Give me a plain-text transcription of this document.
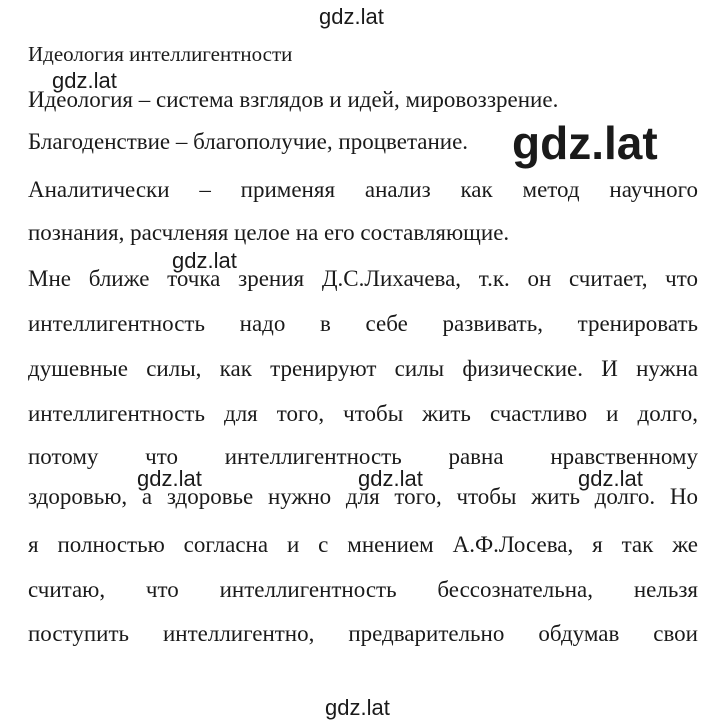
gdz.lat
gdz.lat
Идеология интеллигентности
Идеология – система взглядов и идей, мировоззрение.
Благоденствие – благополучие, процветание. gdz.lat
Аналитически – применяя анализ как метод научного
познания, расчленяя целое на его составляющие.
gdz.lat
Мне ближе точка зрения Д.С.Лихачева, т.к. он считает, что
интеллигентность надо в себе развивать, тренировать
душевные силы, как тренируют силы физические. И нужна
интеллигентность для того, чтобы жить счастливо и долго,
потому что интеллигентность равна нравственному
gdz.lat	gdz.lat	gdz.lat
здоровью, а здоровье нужно для того, чтобы жить долго. Но
я полностью согласна и с мнением А.Ф.Лосева, я так же
считаю, что интеллигентность бессознательна, нельзя
поступить интеллигентно, предварительно обдумав свои
gdz.lat
